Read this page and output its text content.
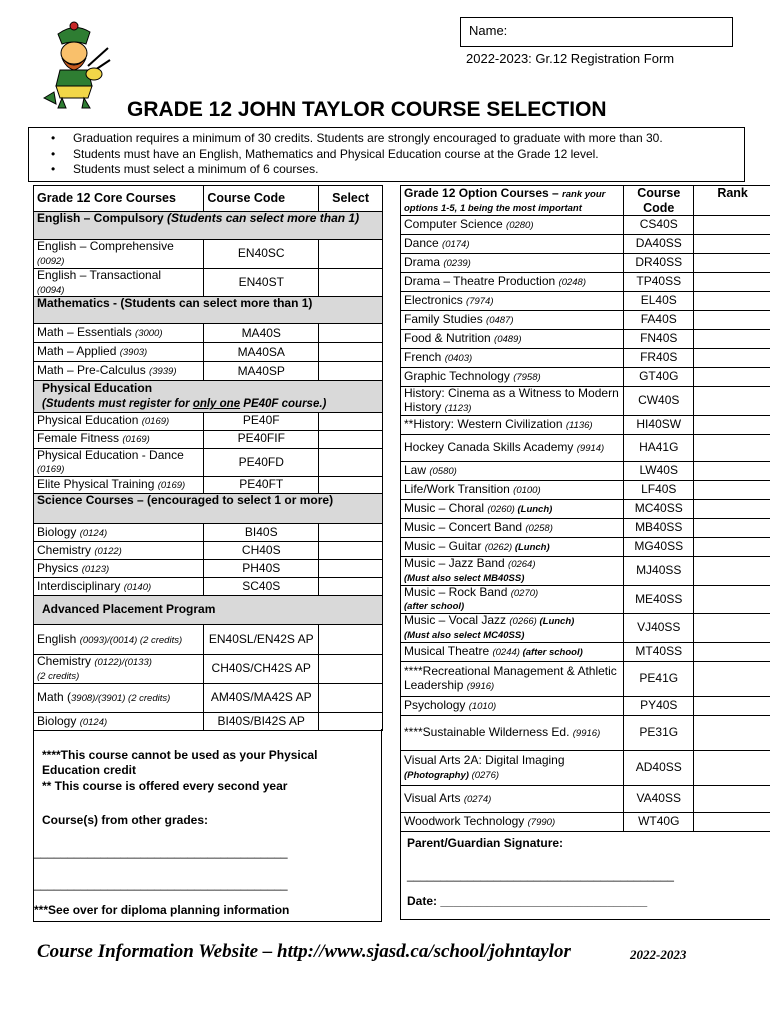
Name:
2022-2023: Gr.12 Registration Form
GRADE 12 JOHN TAYLOR COURSE SELECTION
• Graduation requires a minimum of 30 credits. Students are strongly encouraged to graduate with more than 30.
• Students must have an English, Mathematics and Physical Education course at the Grade 12 level.
• Students must select a minimum of 6 courses.
Grade 12 Core Courses	Course Code	Select
English – Compulsory (Students can select more than 1)		
English – Comprehensive
(0092)	EN40SC	
English – Transactional
(0094)	EN40ST	
Mathematics - (Students can select more than 1)		
Math – Essentials (3000)	MA40S	
Math – Applied (3903)	MA40SA	
Math – Pre-Calculus (3939)	MA40SP	
Physical Education
(Students must register for only one PE40F course.)		
Physical Education (0169)	PE40F	
Female Fitness (0169)	PE40FIF	
Physical Education - Dance
(0169)	PE40FD	
Elite Physical Training (0169)	PE40FT	
Science Courses – (encouraged to select 1 or more)		
Biology (0124)	BI40S	
Chemistry (0122)	CH40S	
Physics (0123)	PH40S	
Interdisciplinary (0140)	SC40S	
Advanced Placement Program		
English (0093)/(0014) (2 credits)	EN40SL/EN42S AP	
Chemistry (0122)/(0133)
(2 credits)	CH40S/CH42S AP	
Math (3908)/(3901) (2 credits)	AM40S/MA42S AP	
Biology (0124)	BI40S/BI42S AP	
****This course cannot be used as your Physical Education credit
** This course is offered every second year
Course(s) from other grades:
______________________________________
______________________________________
***See over for diploma planning information
Grade 12 Option Courses – rank your options 1-5, 1 being the most important	Course Code	Rank
Computer Science (0280)	CS40S	
Dance (0174)	DA40SS	
Drama (0239)	DR40SS	
Drama – Theatre Production (0248)	TP40SS	
Electronics (7974)	EL40S	
Family Studies (0487)	FA40S	
Food & Nutrition (0489)	FN40S	
French (0403)	FR40S	
Graphic Technology (7958)	GT40G	
History: Cinema as a Witness to Modern History (1123)	CW40S	
**History: Western Civilization (1136)	HI40SW	
Hockey Canada Skills Academy (9914)	HA41G	
Law (0580)	LW40S	
Life/Work Transition (0100)	LF40S	
Music – Choral (0260) (Lunch)	MC40SS	
Music – Concert Band (0258)	MB40SS	
Music – Guitar (0262) (Lunch)	MG40SS	
Music – Jazz Band (0264)
(Must also select MB40SS)	MJ40SS	
Music – Rock Band (0270)
(after school)	ME40SS	
Music – Vocal Jazz (0266) (Lunch)
(Must also select MC40SS)	VJ40SS	
Musical Theatre (0244) (after school)	MT40SS	
****Recreational Management & Athletic Leadership (9916)	PE41G	
Psychology (1010)	PY40S	
****Sustainable Wilderness Ed. (9916)	PE31G	
Visual Arts 2A: Digital Imaging
(Photography) (0276)	AD40SS	
Visual Arts (0274)	VA40SS	
Woodwork Technology (7990)	WT40G	
Parent/Guardian Signature:
________________________________________
Date: _______________________________
Course Information Website – http://www.sjasd.ca/school/johntaylor	2022-2023
